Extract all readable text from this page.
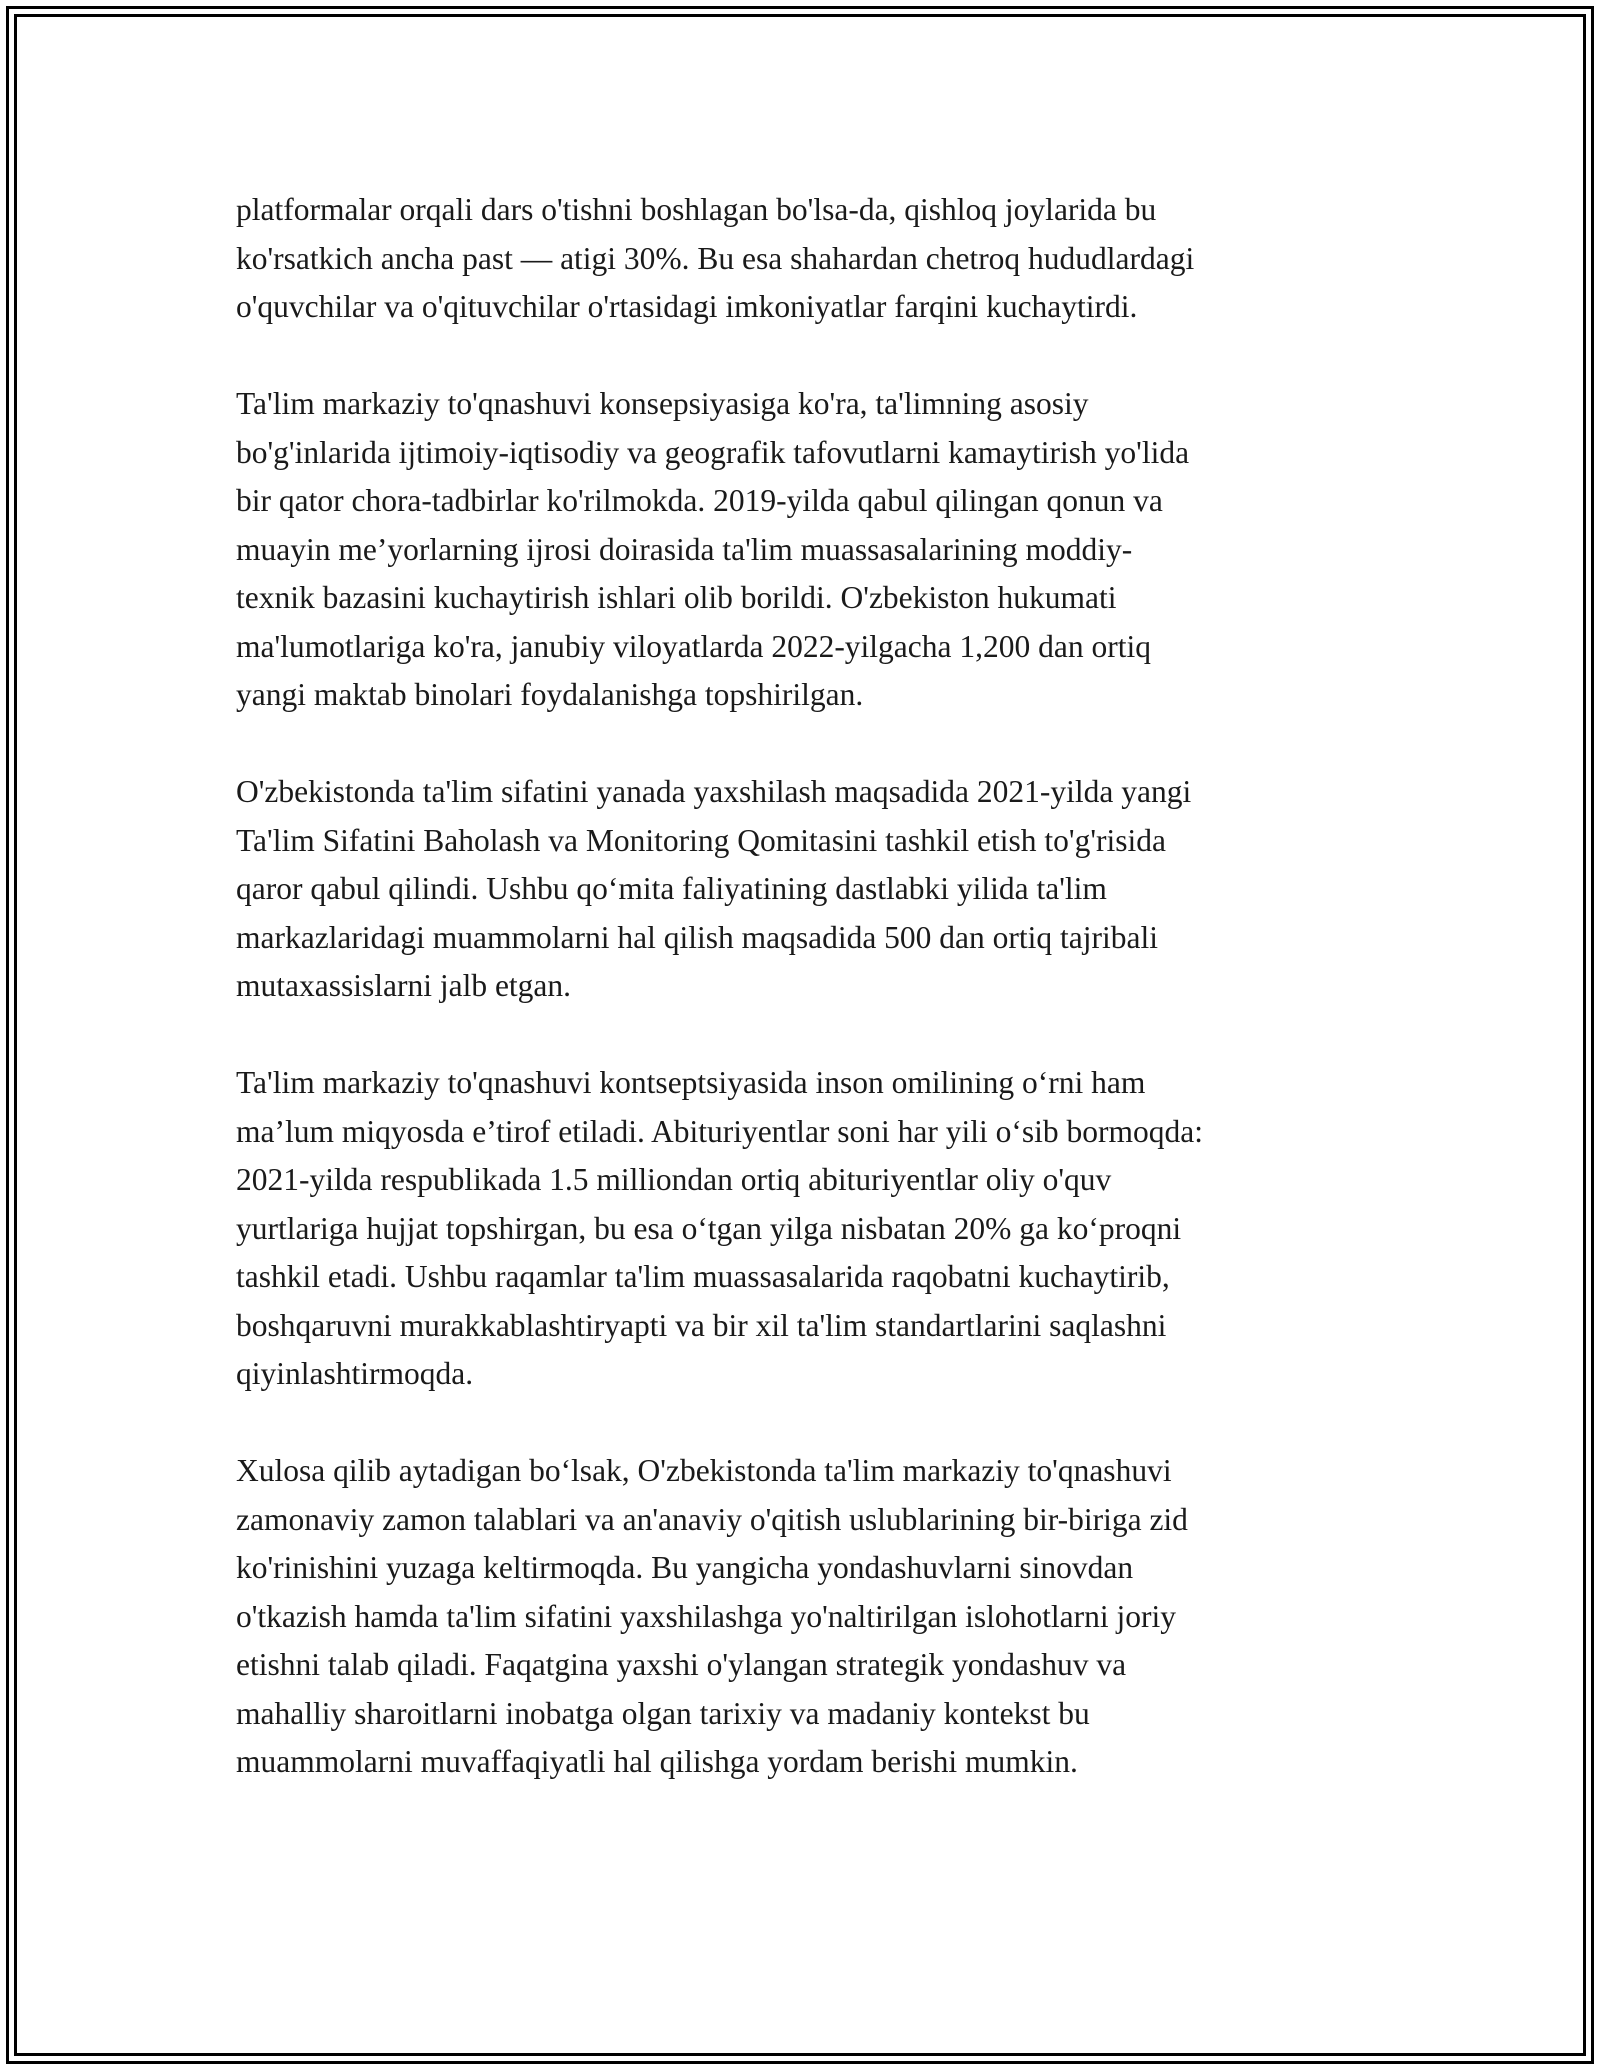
platformalar orqali dars o'tishni boshlagan bo'lsa-da, qishloq joylarida bu
ko'rsatkich ancha past — atigi 30%. Bu esa shahardan chetroq hududlardagi
o'quvchilar va o'qituvchilar o'rtasidagi imkoniyatlar farqini kuchaytirdi.

Ta'lim markaziy to'qnashuvi konsepsiyasiga ko'ra, ta'limning asosiy
bo'g'inlarida ijtimoiy-iqtisodiy va geografik tafovutlarni kamaytirish yo'lida
bir qator chora-tadbirlar ko'rilmokda. 2019-yilda qabul qilingan qonun va
muayin me’yorlarning ijrosi doirasida ta'lim muassasalarining moddiy-
texnik bazasini kuchaytirish ishlari olib borildi. O'zbekiston hukumati
ma'lumotlariga ko'ra, janubiy viloyatlarda 2022-yilgacha 1,200 dan ortiq
yangi maktab binolari foydalanishga topshirilgan.

O'zbekistonda ta'lim sifatini yanada yaxshilash maqsadida 2021-yilda yangi
Ta'lim Sifatini Baholash va Monitoring Qomitasini tashkil etish to'g'risida
qaror qabul qilindi. Ushbu qo‘mita faliyatining dastlabki yilida ta'lim
markazlaridagi muammolarni hal qilish maqsadida 500 dan ortiq tajribali
mutaxassislarni jalb etgan.

Ta'lim markaziy to'qnashuvi kontseptsiyasida inson omilining o‘rni ham
ma’lum miqyosda e’tirof etiladi. Abituriyentlar soni har yili o‘sib bormoqda:
2021-yilda respublikada 1.5 milliondan ortiq abituriyentlar oliy o'quv
yurtlariga hujjat topshirgan, bu esa o‘tgan yilga nisbatan 20% ga ko‘proqni
tashkil etadi. Ushbu raqamlar ta'lim muassasalarida raqobatni kuchaytirib,
boshqaruvni murakkablashtiryapti va bir xil ta'lim standartlarini saqlashni
qiyinlashtirmoqda.

Xulosa qilib aytadigan bo‘lsak, O'zbekistonda ta'lim markaziy to'qnashuvi
zamonaviy zamon talablari va an'anaviy o'qitish uslublarining bir-biriga zid
ko'rinishini yuzaga keltirmoqda. Bu yangicha yondashuvlarni sinovdan
o'tkazish hamda ta'lim sifatini yaxshilashga yo'naltirilgan islohotlarni joriy
etishni talab qiladi. Faqatgina yaxshi o'ylangan strategik yondashuv va
mahalliy sharoitlarni inobatga olgan tarixiy va madaniy kontekst bu
muammolarni muvaffaqiyatli hal qilishga yordam berishi mumkin.
